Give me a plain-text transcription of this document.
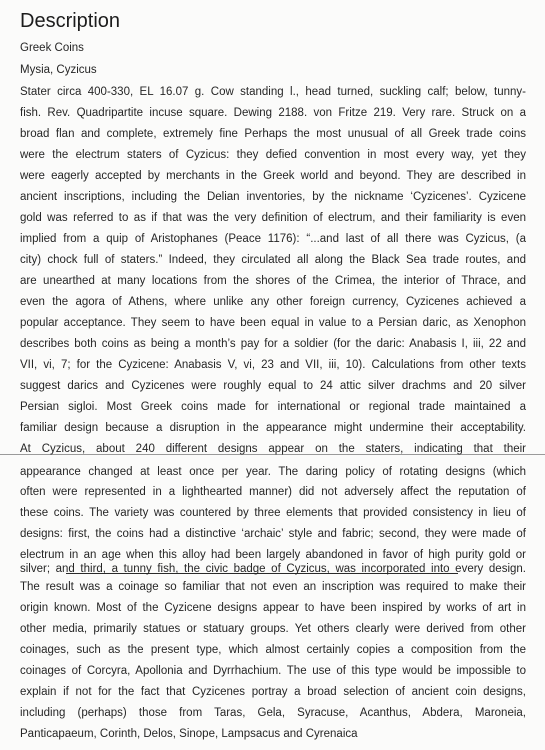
Description

Greek Coins

Mysia, Cyzicus

Stater circa 400-330, EL 16.07 g. Cow standing l., head turned, suckling calf; below, tunny-

fish. Rev. Quadripartite incuse square. Dewing 2188. von Fritze 219. Very rare. Struck on a

broad flan and complete, extremely fine Perhaps the most unusual of all Greek trade coins

were the electrum staters of Cyzicus: they defied convention in most every way, yet they

were eagerly accepted by merchants in the Greek world and beyond. They are described in

ancient inscriptions, including the Delian inventories, by the nickname ‘Cyzicenes’. Cyzicene

gold was referred to as if that was the very definition of electrum, and their familiarity is even

implied from a quip of Aristophanes (Peace 1176): “...and last of all there was Cyzicus, (a

city) chock full of staters.” Indeed, they circulated all along the Black Sea trade routes, and

are unearthed at many locations from the shores of the Crimea, the interior of Thrace, and

even the agora of Athens, where unlike any other foreign currency, Cyzicenes achieved a

popular acceptance. They seem to have been equal in value to a Persian daric, as Xenophon

describes both coins as being a month’s pay for a soldier (for the daric: Anabasis I, iii, 22 and

VII, vi, 7; for the Cyzicene: Anabasis V, vi, 23 and VII, iii, 10). Calculations from other texts

suggest darics and Cyzicenes were roughly equal to 24 attic silver drachms and 20 silver

Persian sigloi. Most Greek coins made for international or regional trade maintained a

familiar design because a disruption in the appearance might undermine their acceptability.

At Cyzicus, about 240 different designs appear on the staters, indicating that their

appearance changed at least once per year. The daring policy of rotating designs (which

often were represented in a lighthearted manner) did not adversely affect the reputation of

these coins. The variety was countered by three elements that provided consistency in lieu of

designs: first, the coins had a distinctive ‘archaic’ style and fabric; second, they were made of

electrum in an age when this alloy had been largely abandoned in favor of high purity gold or

silver; and third, a tunny fish, the civic badge of Cyzicus, was incorporated into every design.

The result was a coinage so familiar that not even an inscription was required to make their

origin known. Most of the Cyzicene designs appear to have been inspired by works of art in

other media, primarily statues or statuary groups. Yet others clearly were derived from other

coinages, such as the present type, which almost certainly copies a composition from the

coinages of Corcyra, Apollonia and Dyrrhachium. The use of this type would be impossible to

explain if not for the fact that Cyzicenes portray a broad selection of ancient coin designs,

including (perhaps) those from Taras, Gela, Syracuse, Acanthus, Abdera, Maroneia,

Panticapaeum, Corinth, Delos, Sinope, Lampsacus and Cyrenaica
